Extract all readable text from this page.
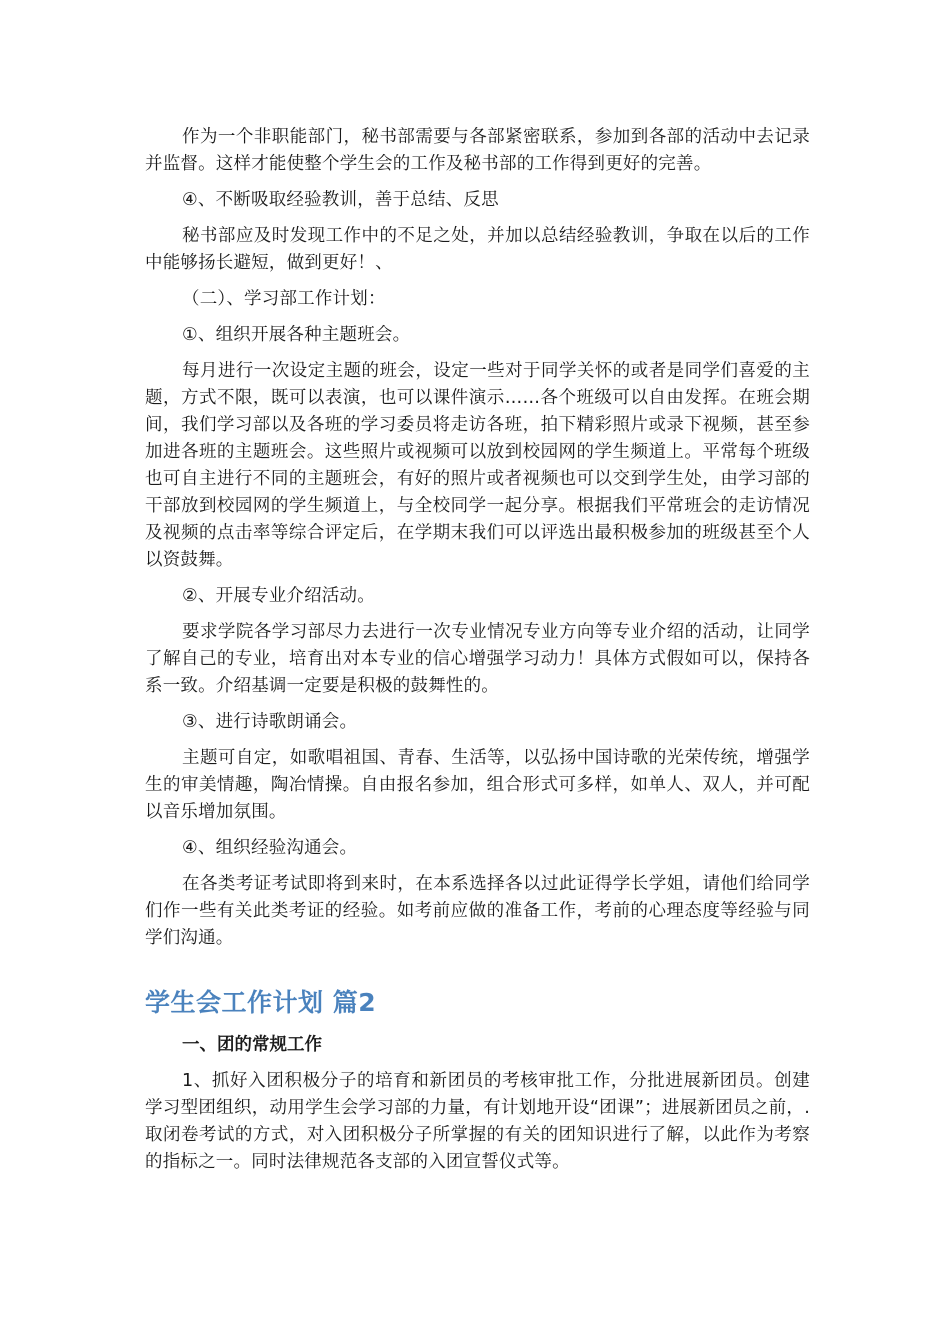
作为一个非职能部门，秘书部需要与各部紧密联系，参加到各部的活动中去记录并监督。这样才能使整个学生会的工作及秘书部的工作得到更好的完善。

④、不断吸取经验教训，善于总结、反思

秘书部应及时发现工作中的不足之处，并加以总结经验教训，争取在以后的工作中能够扬长避短，做到更好！、

（二）、学习部工作计划：

①、组织开展各种主题班会。

每月进行一次设定主题的班会，设定一些对于同学关怀的或者是同学们喜爱的主题，方式不限，既可以表演，也可以课件演示……各个班级可以自由发挥。在班会期间，我们学习部以及各班的学习委员将走访各班，拍下精彩照片或录下视频，甚至参加进各班的主题班会。这些照片或视频可以放到校园网的学生频道上。平常每个班级也可自主进行不同的主题班会，有好的照片或者视频也可以交到学生处，由学习部的干部放到校园网的学生频道上，与全校同学一起分享。根据我们平常班会的走访情况及视频的点击率等综合评定后，在学期末我们可以评选出最积极参加的班级甚至个人以资鼓舞。

②、开展专业介绍活动。

要求学院各学习部尽力去进行一次专业情况专业方向等专业介绍的活动，让同学了解自己的专业，培育出对本专业的信心增强学习动力！具体方式假如可以，保持各系一致。介绍基调一定要是积极的鼓舞性的。

③、进行诗歌朗诵会。

主题可自定，如歌唱祖国、青春、生活等，以弘扬中国诗歌的光荣传统，增强学生的审美情趣，陶冶情操。自由报名参加，组合形式可多样，如单人、双人，并可配以音乐增加氛围。

④、组织经验沟通会。

在各类考证考试即将到来时，在本系选择各以过此证得学长学姐，请他们给同学们作一些有关此类考证的经验。如考前应做的准备工作，考前的心理态度等经验与同学们沟通。

学生会工作计划 篇2

一、团的常规工作

1、抓好入团积极分子的培育和新团员的考核审批工作，分批进展新团员。创建学习型团组织，动用学生会学习部的力量，有计划地开设“团课”；进展新团员之前，.取闭卷考试的方式，对入团积极分子所掌握的有关的团知识进行了解，以此作为考察的指标之一。同时法律规范各支部的入团宣誓仪式等。
